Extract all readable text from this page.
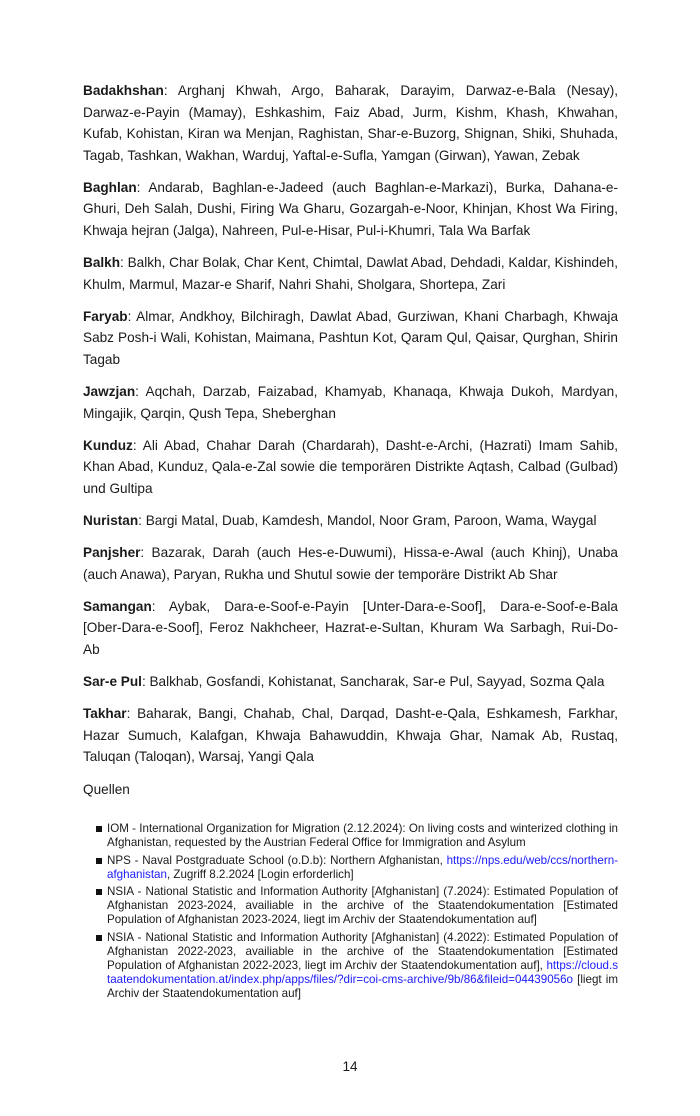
Badakhshan: Arghanj Khwah, Argo, Baharak, Darayim, Darwaz-e-Bala (Nesay), Darwaz-e-Payin (Mamay), Eshkashim, Faiz Abad, Jurm, Kishm, Khash, Khwahan, Kufab, Kohistan, Kiran wa Menjan, Raghistan, Shar-e-Buzorg, Shignan, Shiki, Shuhada, Tagab, Tashkan, Wakhan, Warduj, Yaftal-e-Sufla, Yamgan (Girwan), Yawan, Zebak

Baghlan: Andarab, Baghlan-e-Jadeed (auch Baghlan-e-Markazi), Burka, Dahana-e-Ghuri, Deh Salah, Dushi, Firing Wa Gharu, Gozargah-e-Noor, Khinjan, Khost Wa Firing, Khwaja hejran (Jalga), Nahreen, Pul-e-Hisar, Pul-i-Khumri, Tala Wa Barfak

Balkh: Balkh, Char Bolak, Char Kent, Chimtal, Dawlat Abad, Dehdadi, Kaldar, Kishindeh, Khulm, Marmul, Mazar-e Sharif, Nahri Shahi, Sholgara, Shortepa, Zari

Faryab: Almar, Andkhoy, Bilchiragh, Dawlat Abad, Gurziwan, Khani Charbagh, Khwaja Sabz Posh-i Wali, Kohistan, Maimana, Pashtun Kot, Qaram Qul, Qaisar, Qurghan, Shirin Tagab

Jawzjan: Aqchah, Darzab, Faizabad, Khamyab, Khanaqa, Khwaja Dukoh, Mardyan, Mingajik, Qarqin, Qush Tepa, Sheberghan

Kunduz: Ali Abad, Chahar Darah (Chardarah), Dasht-e-Archi, (Hazrati) Imam Sahib, Khan Abad, Kunduz, Qala-e-Zal sowie die temporären Distrikte Aqtash, Calbad (Gulbad) und Gultipa

Nuristan: Bargi Matal, Duab, Kamdesh, Mandol, Noor Gram, Paroon, Wama, Waygal

Panjsher: Bazarak, Darah (auch Hes-e-Duwumi), Hissa-e-Awal (auch Khinj), Unaba (auch Anawa), Paryan, Rukha und Shutul sowie der temporäre Distrikt Ab Shar

Samangan: Aybak, Dara-e-Soof-e-Payin [Unter-Dara-e-Soof], Dara-e-Soof-e-Bala [Ober-Dara-e-Soof], Feroz Nakhcheer, Hazrat-e-Sultan, Khuram Wa Sarbagh, Rui-Do-Ab

Sar-e Pul: Balkhab, Gosfandi, Kohistanat, Sancharak, Sar-e Pul, Sayyad, Sozma Qala

Takhar: Baharak, Bangi, Chahab, Chal, Darqad, Dasht-e-Qala, Eshkamesh, Farkhar, Hazar Sumuch, Kalafgan, Khwaja Bahawuddin, Khwaja Ghar, Namak Ab, Rustaq, Taluqan (Taloqan), Warsaj, Yangi Qala

Quellen
IOM - International Organization for Migration (2.12.2024): On living costs and winterized clothing in Afghanistan, requested by the Austrian Federal Office for Immigration and Asylum
NPS - Naval Postgraduate School (o.D.b): Northern Afghanistan, https://nps.edu/web/ccs/northern-afghanistan, Zugriff 8.2.2024 [Login erforderlich]
NSIA - National Statistic and Information Authority [Afghanistan] (7.2024): Estimated Population of Afghanistan 2023-2024, availiable in the archive of the Staatendokumentation [Estimated Population of Afghanistan 2023-2024, liegt im Archiv der Staatendokumentation auf]
NSIA - National Statistic and Information Authority [Afghanistan] (4.2022): Estimated Population of Afghanistan 2022-2023, availiable in the archive of the Staatendokumentation [Estimated Population of Afghanistan 2022-2023, liegt im Archiv der Staatendokumentation auf], https://cloud.staatendokumentation.at/index.php/apps/files/?dir=coi-cms-archive/9b/86&fileid=04439056o [liegt im Archiv der Staatendokumentation auf]
14
